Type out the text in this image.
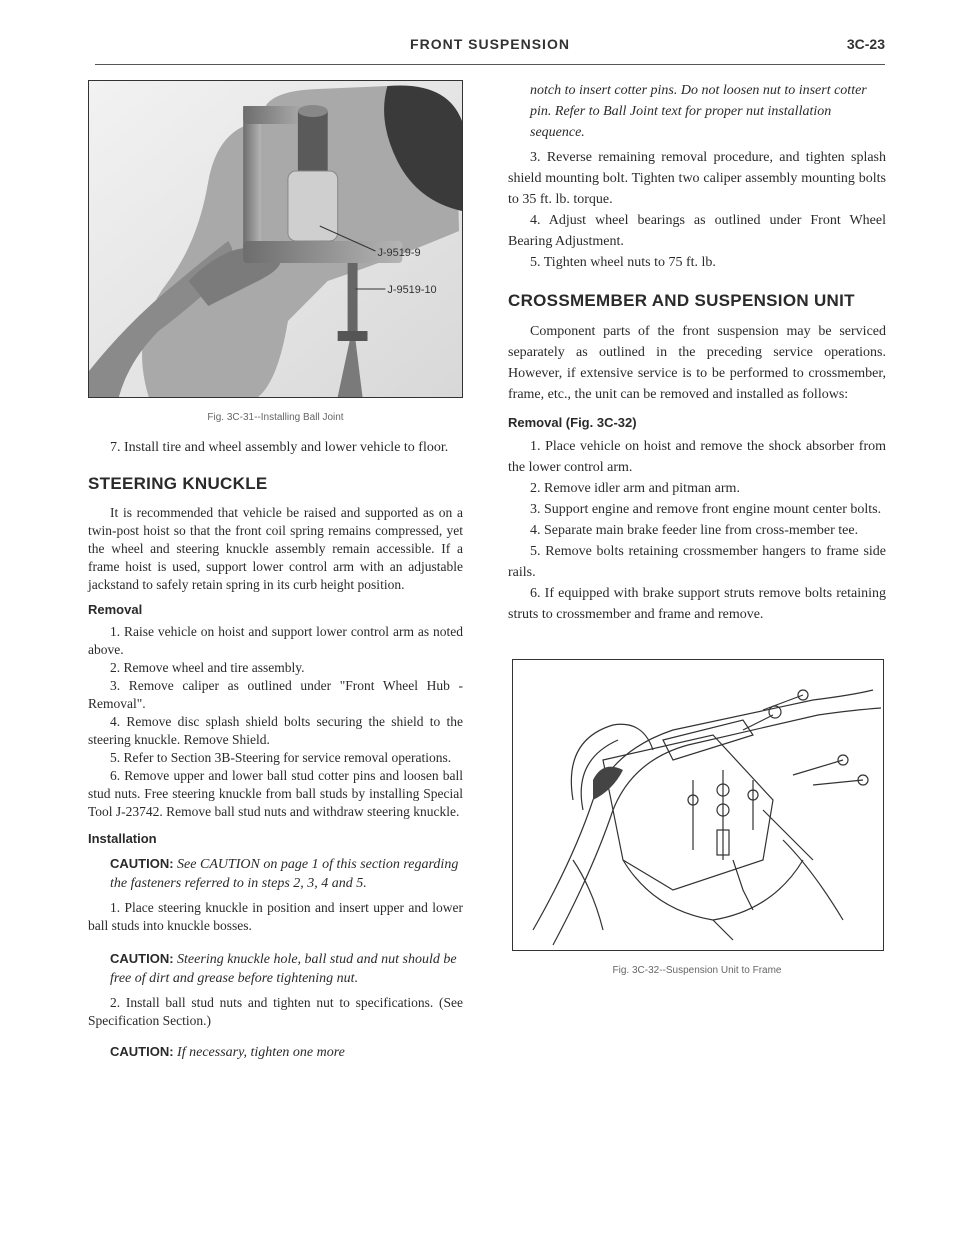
FRONT SUSPENSION	3C-23
J-9519-9
J-9519-10
Fig. 3C-31--Installing Ball Joint

7. Install tire and wheel assembly and lower vehicle to floor.

STEERING KNUCKLE

It is recommended that vehicle be raised and supported as on a twin-post hoist so that the front coil spring remains compressed, yet the wheel and steering knuckle assembly remain accessible. If a frame hoist is used, support lower control arm with an adjustable jackstand to safely retain spring in its curb height position.

Removal

1. Raise vehicle on hoist and support lower control arm as noted above.

2. Remove wheel and tire assembly.

3. Remove caliper as outlined under "Front Wheel Hub - Removal".

4. Remove disc splash shield bolts securing the shield to the steering knuckle. Remove Shield.

5. Refer to Section 3B-Steering for service removal operations.

6. Remove upper and lower ball stud cotter pins and loosen ball stud nuts. Free steering knuckle from ball studs by installing Special Tool J-23742. Remove ball stud nuts and withdraw steering knuckle.

Installation
CAUTION: See CAUTION on page 1 of this section regarding the fasteners referred to in steps 2, 3, 4 and 5.

1. Place steering knuckle in position and insert upper and lower ball studs into knuckle bosses.

CAUTION: Steering knuckle hole, ball stud and nut should be free of dirt and grease before tightening nut.

2. Install ball stud nuts and tighten nut to specifications. (See Specification Section.)

CAUTION: If necessary, tighten one more
notch to insert cotter pins. Do not loosen nut to insert cotter pin. Refer to Ball Joint text for proper nut installation sequence.

3. Reverse remaining removal procedure, and tighten splash shield mounting bolt. Tighten two caliper assembly mounting bolts to 35 ft. lb. torque.

4. Adjust wheel bearings as outlined under Front Wheel Bearing Adjustment.

5. Tighten wheel nuts to 75 ft. lb.

CROSSMEMBER AND SUSPENSION UNIT

Component parts of the front suspension may be serviced separately as outlined in the preceding service operations. However, if extensive service is to be performed to crossmember, frame, etc., the unit can be removed and installed as follows:

Removal (Fig. 3C-32)

1. Place vehicle on hoist and remove the shock absorber from the lower control arm.

2. Remove idler arm and pitman arm.

3. Support engine and remove front engine mount center bolts.

4. Separate main brake feeder line from cross-member tee.

5. Remove bolts retaining crossmember hangers to frame side rails.

6. If equipped with brake support struts remove bolts retaining struts to crossmember and frame and remove.

Fig. 3C-32--Suspension Unit to Frame
